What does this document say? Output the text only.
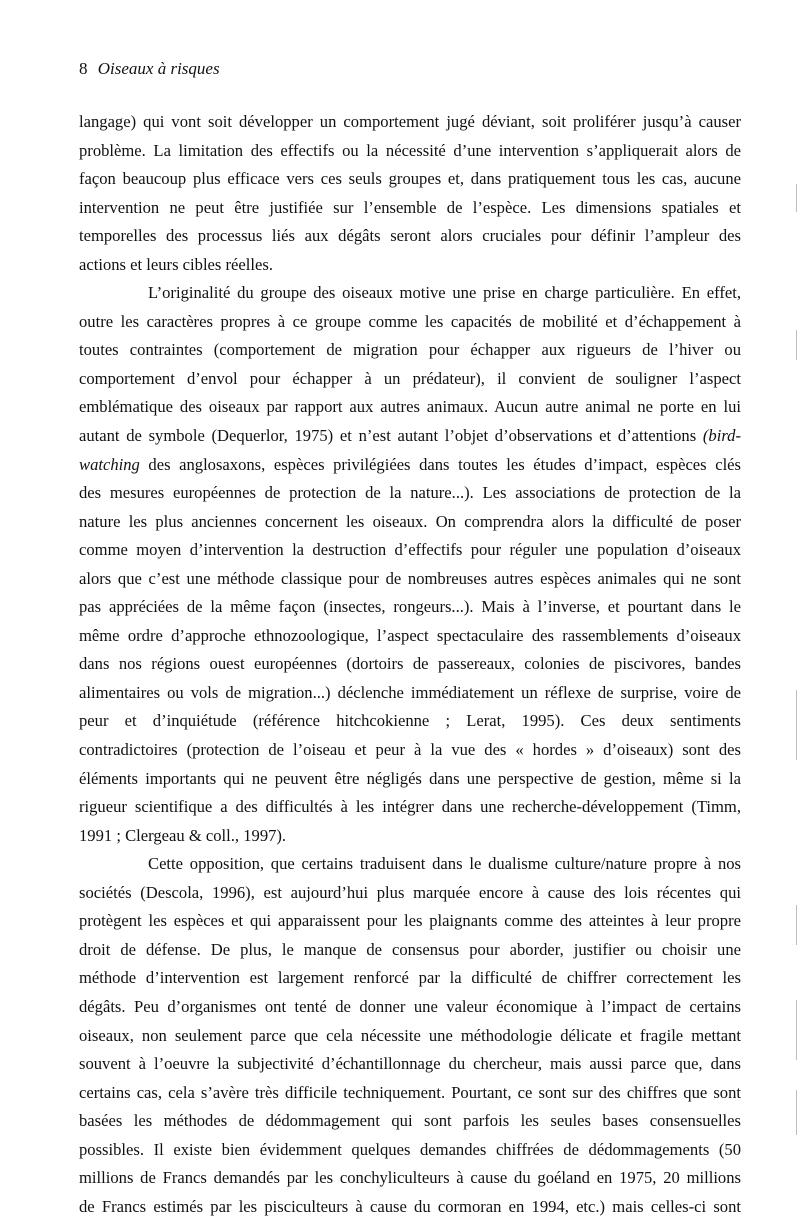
8 Oiseaux à risques
langage) qui vont soit développer un comportement jugé déviant, soit proliférer jusqu’à causer
problème. La limitation des effectifs ou la nécessité d’une intervention s’appliquerait alors de
façon beaucoup plus efficace vers ces seuls groupes et, dans pratiquement tous les cas, aucune
intervention ne peut être justifiée sur l’ensemble de l’espèce. Les dimensions spatiales et
temporelles des processus liés aux dégâts seront alors cruciales pour définir l’ampleur des
actions et leurs cibles réelles.
L’originalité du groupe des oiseaux motive une prise en charge particulière. En effet,
outre les caractères propres à ce groupe comme les capacités de mobilité et d’échappement à
toutes contraintes (comportement de migration pour échapper aux rigueurs de l’hiver ou
comportement d’envol pour échapper à un prédateur), il convient de souligner l’aspect
emblématique des oiseaux par rapport aux autres animaux. Aucun autre animal ne porte en lui
autant de symbole (Dequerlor, 1975) et n’est autant l’objet d’observations et d’attentions (bird-
watching des anglosaxons, espèces privilégiées dans toutes les études d’impact, espèces clés
des mesures européennes de protection de la nature...). Les associations de protection de la
nature les plus anciennes concernent les oiseaux. On comprendra alors la difficulté de poser
comme moyen d’intervention la destruction d’effectifs pour réguler une population d’oiseaux
alors que c’est une méthode classique pour de nombreuses autres espèces animales qui ne sont
pas appréciées de la même façon (insectes, rongeurs...). Mais à l’inverse, et pourtant dans le
même ordre d’approche ethnozoologique, l’aspect spectaculaire des rassemblements d’oiseaux
dans nos régions ouest européennes (dortoirs de passereaux, colonies de piscivores, bandes
alimentaires ou vols de migration...) déclenche immédiatement un réflexe de surprise, voire de
peur et d’inquiétude (référence hitchcokienne ; Lerat, 1995). Ces deux sentiments
contradictoires (protection de l’oiseau et peur à la vue des « hordes » d’oiseaux) sont des
éléments importants qui ne peuvent être négligés dans une perspective de gestion, même si la
rigueur scientifique a des difficultés à les intégrer dans une recherche-développement (Timm,
1991 ; Clergeau & coll., 1997).
Cette opposition, que certains traduisent dans le dualisme culture/nature propre à nos
sociétés (Descola, 1996), est aujourd’hui plus marquée encore à cause des lois récentes qui
protègent les espèces et qui apparaissent pour les plaignants comme des atteintes à leur propre
droit de défense. De plus, le manque de consensus pour aborder, justifier ou choisir une
méthode d’intervention est largement renforcé par la difficulté de chiffrer correctement les
dégâts. Peu d’organismes ont tenté de donner une valeur économique à l’impact de certains
oiseaux, non seulement parce que cela nécessite une méthodologie délicate et fragile mettant
souvent à l’oeuvre la subjectivité d’échantillonnage du chercheur, mais aussi parce que, dans
certains cas, cela s’avère très difficile techniquement. Pourtant, ce sont sur des chiffres que sont
basées les méthodes de dédommagement qui sont parfois les seules bases consensuelles
possibles. Il existe bien évidemment quelques demandes chiffrées de dédommagements (50
millions de Francs demandés par les conchyliculteurs à cause du goéland en 1975, 20 millions
de Francs estimés par les pisciculteurs à cause du cormoran en 1994, etc.) mais celles-ci sont
